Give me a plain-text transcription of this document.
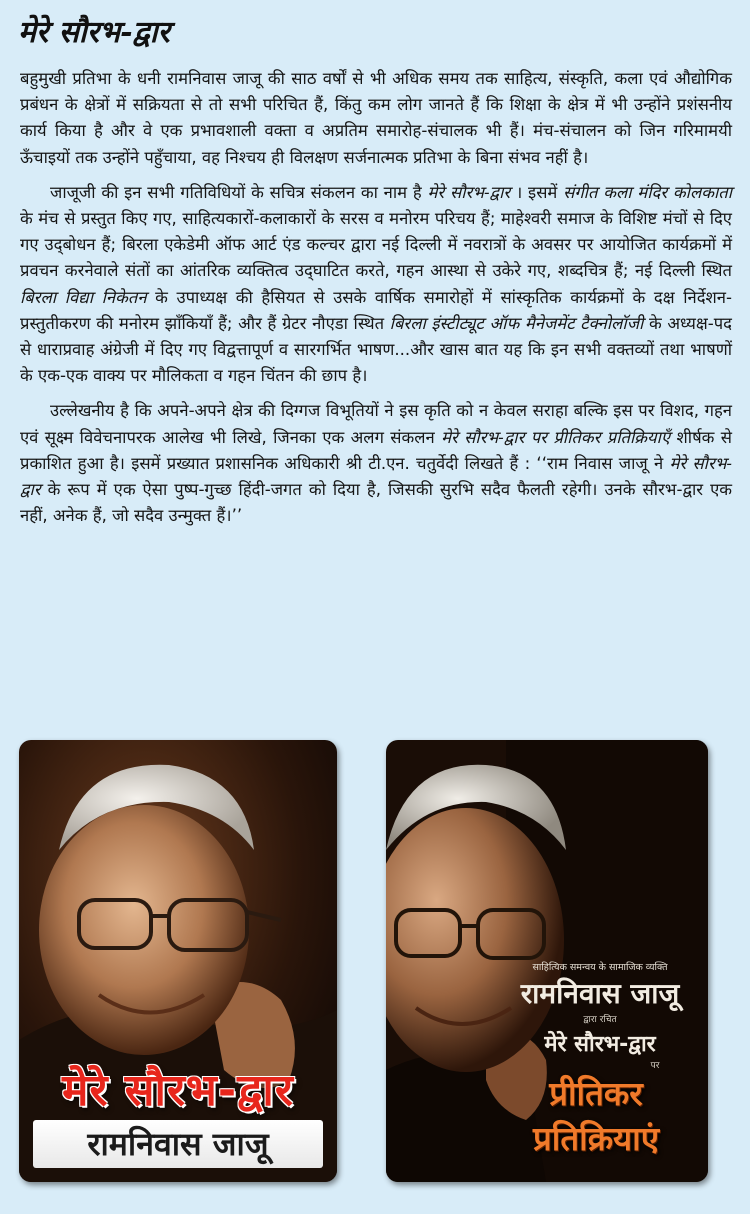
मेरे सौरभ-द्वार

बहुमुखी प्रतिभा के धनी रामनिवास जाजू की साठ वर्षों से भी अधिक समय तक साहित्य, संस्कृति, कला एवं औद्योगिक प्रबंधन के क्षेत्रों में सक्रियता से तो सभी परिचित हैं, किंतु कम लोग जानते हैं कि शिक्षा के क्षेत्र में भी उन्होंने प्रशंसनीय कार्य किया है और वे एक प्रभावशाली वक्ता व अप्रतिम समारोह-संचालक भी हैं। मंच-संचालन को जिन गरिमामयी ऊँचाइयों तक उन्होंने पहुँचाया, वह निश्चय ही विलक्षण सर्जनात्मक प्रतिभा के बिना संभव नहीं है।

जाजूजी की इन सभी गतिविधियों के सचित्र संकलन का नाम है मेरे सौरभ-द्वार । इसमें संगीत कला मंदिर कोलकाता के मंच से प्रस्तुत किए गए, साहित्यकारों-कलाकारों के सरस व मनोरम परिचय हैं; माहेश्वरी समाज के विशिष्ट मंचों से दिए गए उद्‌बोधन हैं; बिरला एकेडेमी ऑफ आर्ट एंड कल्चर द्वारा नई दिल्ली में नवरात्रों के अवसर पर आयोजित कार्यक्रमों में प्रवचन करनेवाले संतों का आंतरिक व्यक्तित्व उद्‌घाटित करते, गहन आस्था से उकेरे गए, शब्दचित्र हैं; नई दिल्ली स्थित बिरला विद्या निकेतन के उपाध्यक्ष की हैसियत से उसके वार्षिक समारोहों में सांस्कृतिक कार्यक्रमों के दक्ष निर्देशन-प्रस्तुतीकरण की मनोरम झाँकियाँ हैं; और हैं ग्रेटर नौएडा स्थित बिरला इंस्टीट्यूट ऑफ मैनेजमेंट टैक्नोलॉजी के अध्यक्ष-पद से धाराप्रवाह अंग्रेजी में दिए गए विद्वत्तापूर्ण व सारगर्भित भाषण...और खास बात यह कि इन सभी वक्तव्यों तथा भाषणों के एक-एक वाक्य पर मौलिकता व गहन चिंतन की छाप है।

उल्लेखनीय है कि अपने-अपने क्षेत्र की दिग्गज विभूतियों ने इस कृति को न केवल सराहा बल्कि इस पर विशद, गहन एवं सूक्ष्म विवेचनापरक आलेख भी लिखे, जिनका एक अलग संकलन मेरे सौरभ-द्वार पर प्रीतिकर प्रतिक्रियाएँ शीर्षक से प्रकाशित हुआ है। इसमें प्रख्यात प्रशासनिक अधिकारी श्री टी.एन. चतुर्वेदी लिखते हैं : ‘‘राम निवास जाजू ने मेरे सौरभ-द्वार के रूप में एक ऐसा पुष्प-गुच्छ हिंदी-जगत को दिया है, जिसकी सुरभि सदैव फैलती रहेगी। उनके सौरभ-द्वार एक नहीं, अनेक हैं, जो सदैव उन्मुक्त हैं।’’

मेरे सौरभ-द्वार
रामनिवास जाजू
साहित्यिक समन्वय के सामाजिक व्यक्ति
रामनिवास जाजू
द्वारा रचित
मेरे सौरभ-द्वार
पर
प्रीतिकर प्रतिक्रियाएं
